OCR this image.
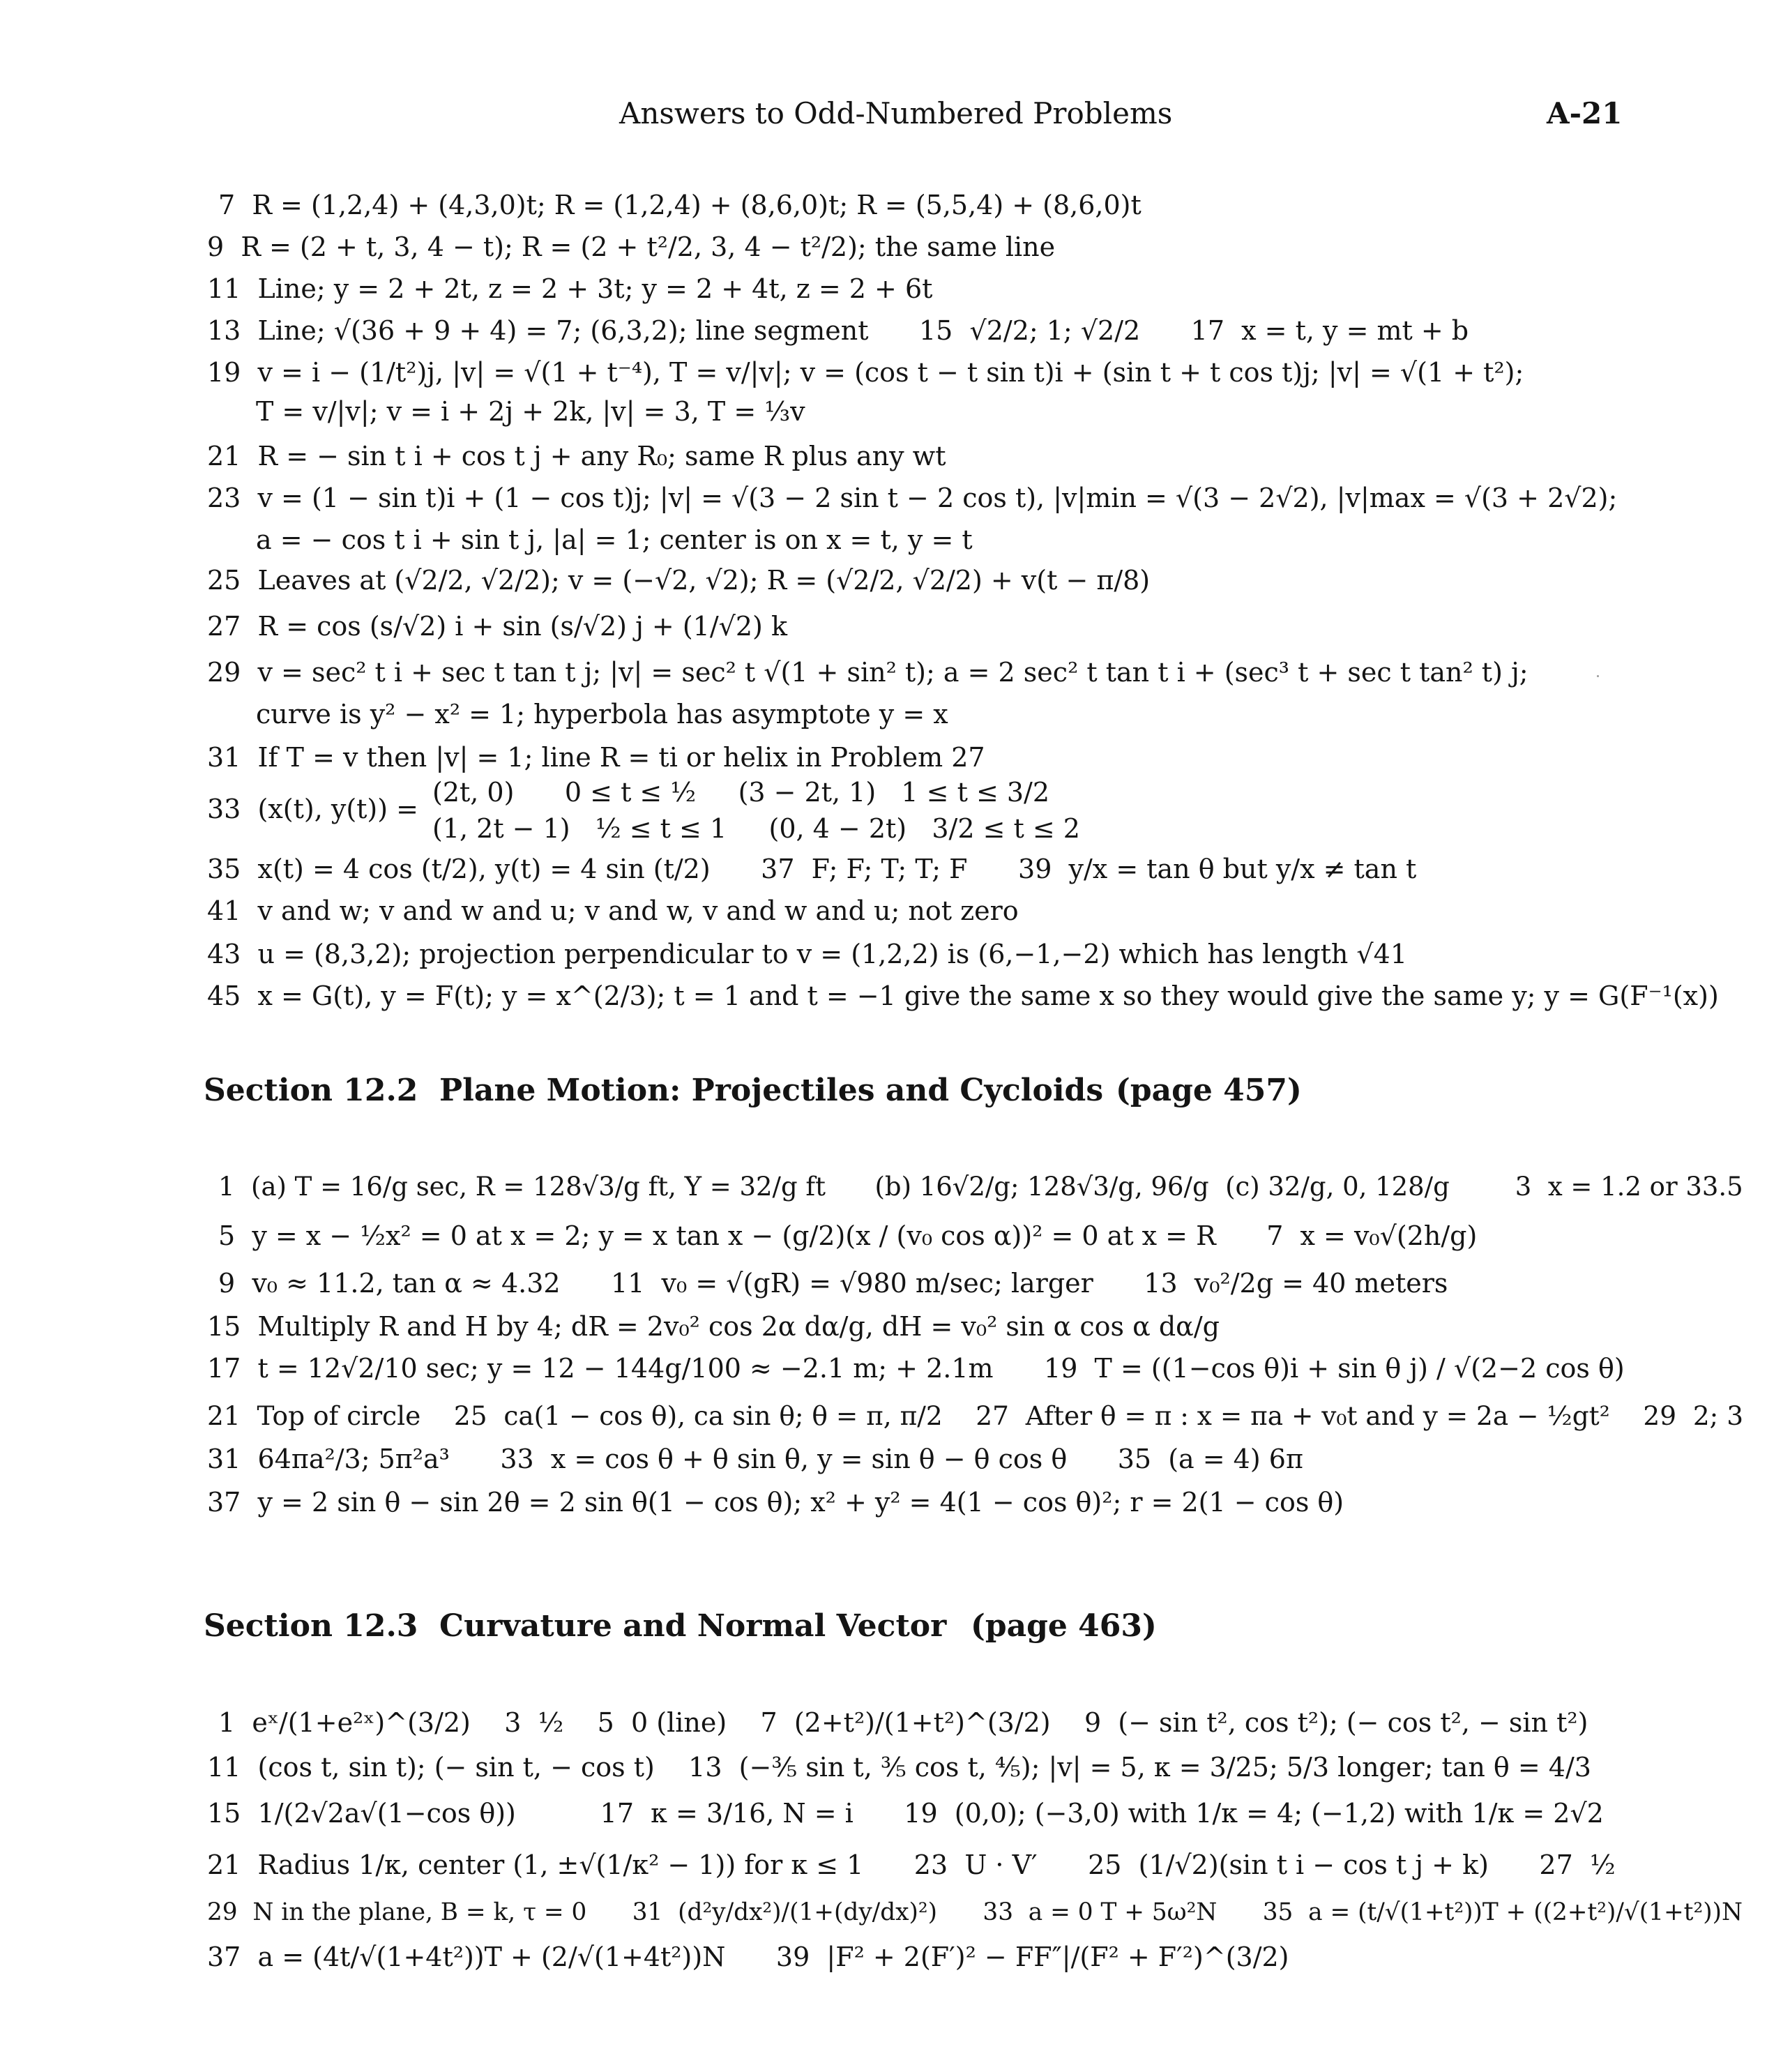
Answers to Odd-Numbered Problems	A-21
7  R = (1,2,4) + (4,3,0)t; R = (1,2,4) + (8,6,0)t; R = (5,5,4) + (8,6,0)t
9  R = (2 + t, 3, 4 − t); R = (2 + t²/2, 3, 4 − t²/2); the same line
11  Line; y = 2 + 2t, z = 2 + 3t; y = 2 + 4t, z = 2 + 6t
13  Line; √(36 + 9 + 4) = 7; (6,3,2); line segment      15  √2/2; 1; √2/2      17  x = t, y = mt + b
19  v = i − (1/t²)j, |v| = √(1 + t⁻⁴), T = v/|v|; v = (cos t − t sin t)i + (sin t + t cos t)j; |v| = √(1 + t²);
T = v/|v|; v = i + 2j + 2k, |v| = 3, T = ⅓v
21  R = − sin t i + cos t j + any R₀; same R plus any wt
23  v = (1 − sin t)i + (1 − cos t)j; |v| = √(3 − 2 sin t − 2 cos t), |v|min = √(3 − 2√2), |v|max = √(3 + 2√2);
a = − cos t i + sin t j, |a| = 1; center is on x = t, y = t
25  Leaves at (√2/2, √2/2); v = (−√2, √2); R = (√2/2, √2/2) + v(t − π/8)
27  R = cos (s/√2) i + sin (s/√2) j + (1/√2) k
29  v = sec² t i + sec t tan t j; |v| = sec² t √(1 + sin² t); a = 2 sec² t tan t i + (sec³ t + sec t tan² t) j;
curve is y² − x² = 1; hyperbola has asymptote y = x
31  If T = v then |v| = 1; line R = ti or helix in Problem 27
(2t, 0)      0 ≤ t ≤ ½     (3 − 2t, 1)   1 ≤ t ≤ 3/2
33  (x(t), y(t)) =
(1, 2t − 1)   ½ ≤ t ≤ 1     (0, 4 − 2t)   3/2 ≤ t ≤ 2
35  x(t) = 4 cos (t/2), y(t) = 4 sin (t/2)      37  F; F; T; T; F      39  y/x = tan θ but y/x ≠ tan t
41  v and w; v and w and u; v and w, v and w and u; not zero
43  u = (8,3,2); projection perpendicular to v = (1,2,2) is (6,−1,−2) which has length √41
45  x = G(t), y = F(t); y = x^(2/3); t = 1 and t = −1 give the same x so they would give the same y; y = G(F⁻¹(x))
Section 12.2  Plane Motion: Projectiles and Cycloids (page 457)
1  (a) T = 16/g sec, R = 128√3/g ft, Y = 32/g ft      (b) 16√2/g; 128√3/g, 96/g  (c) 32/g, 0, 128/g        3  x = 1.2 or 33.5
5  y = x − ½x² = 0 at x = 2; y = x tan x − (g/2)(x / (v₀ cos α))² = 0 at x = R      7  x = v₀√(2h/g)
9  v₀ ≈ 11.2, tan α ≈ 4.32      11  v₀ = √(gR) = √980 m/sec; larger      13  v₀²/2g = 40 meters
15  Multiply R and H by 4; dR = 2v₀² cos 2α dα/g, dH = v₀² sin α cos α dα/g
17  t = 12√2/10 sec; y = 12 − 144g/100 ≈ −2.1 m; + 2.1m      19  T = ((1−cos θ)i + sin θ j) / √(2−2 cos θ)
21  Top of circle    25  ca(1 − cos θ), ca sin θ; θ = π, π/2    27  After θ = π : x = πa + v₀t and y = 2a − ½gt²    29  2; 3
31  64πa²/3; 5π²a³      33  x = cos θ + θ sin θ, y = sin θ − θ cos θ      35  (a = 4) 6π
37  y = 2 sin θ − sin 2θ = 2 sin θ(1 − cos θ); x² + y² = 4(1 − cos θ)²; r = 2(1 − cos θ)
Section 12.3  Curvature and Normal Vector (page 463)
1  eˣ/(1+e²ˣ)^(3/2)    3  ½    5  0 (line)    7  (2+t²)/(1+t²)^(3/2)    9  (− sin t², cos t²); (− cos t², − sin t²)
11  (cos t, sin t); (− sin t, − cos t)    13  (−⅗ sin t, ⅗ cos t, ⅘); |v| = 5, κ = 3/25; 5/3 longer; tan θ = 4/3
15  1/(2√2a√(1−cos θ))          17  κ = 3/16, N = i      19  (0,0); (−3,0) with 1/κ = 4; (−1,2) with 1/κ = 2√2
21  Radius 1/κ, center (1, ±√(1/κ² − 1)) for κ ≤ 1      23  U · V′      25  (1/√2)(sin t i − cos t j + k)      27  ½
29  N in the plane, B = k, τ = 0      31  (d²y/dx²)/(1+(dy/dx)²)      33  a = 0 T + 5ω²N      35  a = (t/√(1+t²))T + ((2+t²)/√(1+t²))N
37  a = (4t/√(1+4t²))T + (2/√(1+4t²))N      39  |F² + 2(F′)² − FF″|/(F² + F′²)^(3/2)
